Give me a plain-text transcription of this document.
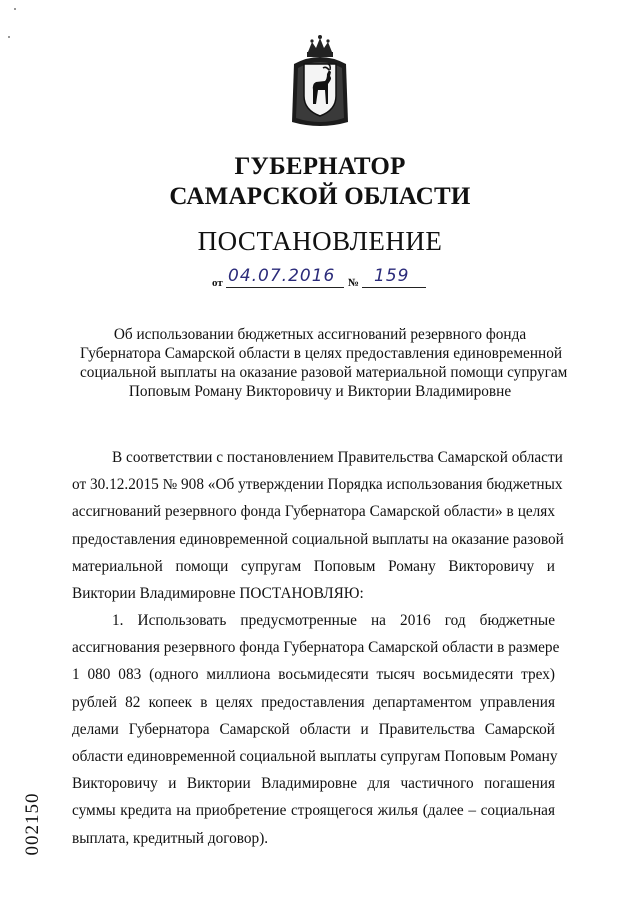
ГУБЕРНАТОР
САМАРСКОЙ ОБЛАСТИ
ПОСТАНОВЛЕНИЕ
от 04.07.2016 № 159
Об использовании бюджетных ассигнований резервного фонда
Губернатора Самарской области в целях предоставления единовременной
социальной выплаты на оказание разовой материальной помощи супругам
Поповым Роману Викторовичу и Виктории Владимировне
В соответствии с постановлением Правительства Самарской области
от 30.12.2015 № 908 «Об утверждении Порядка использования бюджетных
ассигнований резервного фонда Губернатора Самарской области» в целях
предоставления единовременной социальной выплаты на оказание разовой
материальной помощи супругам Поповым Роману Викторовичу и
Виктории Владимировне ПОСТАНОВЛЯЮ:
1. Использовать предусмотренные на 2016 год бюджетные
ассигнования резервного фонда Губернатора Самарской области в размере
1 080 083 (одного миллиона восьмидесяти тысяч восьмидесяти трех)
рублей 82 копеек в целях предоставления департаментом управления
делами Губернатора Самарской области и Правительства Самарской
области единовременной социальной выплаты супругам Поповым Роману
Викторовичу и Виктории Владимировне для частичного погашения
суммы кредита на приобретение строящегося жилья (далее – социальная
выплата, кредитный договор).
002150
